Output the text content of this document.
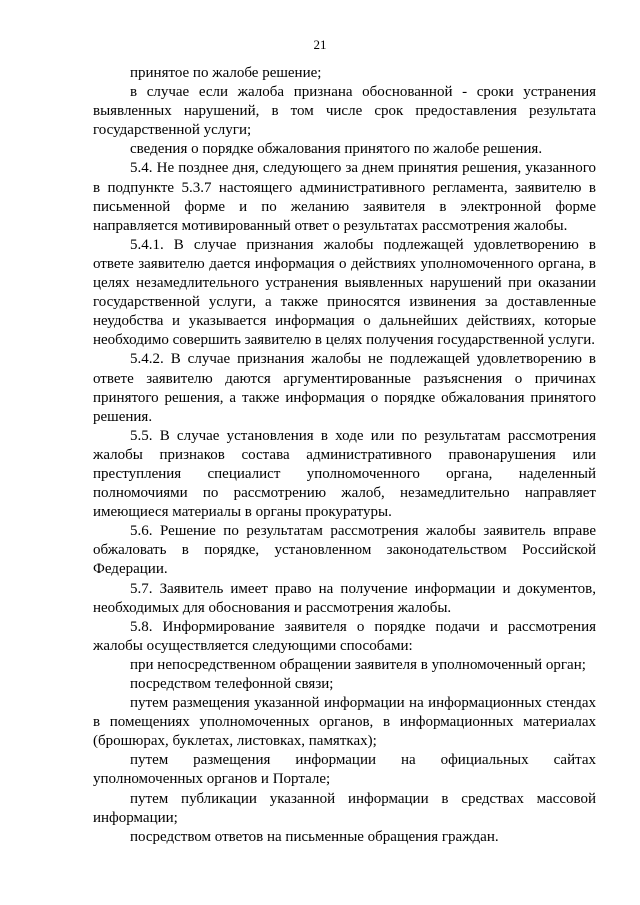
21

принятое по жалобе решение;

в случае если жалоба признана обоснованной - сроки устранения выявленных нарушений, в том числе срок предоставления результата государственной услуги;

сведения о порядке обжалования принятого по жалобе решения.

5.4. Не позднее дня, следующего за днем принятия решения, указанного в подпункте 5.3.7 настоящего административного регламента, заявителю в письменной форме и по желанию заявителя в электронной форме направляется мотивированный ответ о результатах рассмотрения жалобы.

5.4.1. В случае признания жалобы подлежащей удовлетворению в ответе заявителю дается информация о действиях уполномоченного органа, в целях незамедлительного устранения выявленных нарушений при оказании государственной услуги, а также приносятся извинения за доставленные неудобства и указывается информация о дальнейших действиях, которые необходимо совершить заявителю в целях получения государственной услуги.

5.4.2. В случае признания жалобы не подлежащей удовлетворению в ответе заявителю даются аргументированные разъяснения о причинах принятого решения, а также информация о порядке обжалования принятого решения.

5.5. В случае установления в ходе или по результатам рассмотрения жалобы признаков состава административного правонарушения или преступления специалист уполномоченного органа, наделенный полномочиями по рассмотрению жалоб, незамедлительно направляет имеющиеся материалы в органы прокуратуры.

5.6. Решение по результатам рассмотрения жалобы заявитель вправе обжаловать в порядке, установленном законодательством Российской Федерации.

5.7. Заявитель имеет право на получение информации и документов, необходимых для обоснования и рассмотрения жалобы.

5.8. Информирование заявителя о порядке подачи и рассмотрения жалобы осуществляется следующими способами:

при непосредственном обращении заявителя в уполномоченный орган;

посредством телефонной связи;

путем размещения указанной информации на информационных стендах в помещениях уполномоченных органов, в информационных материалах (брошюрах, буклетах, листовках, памятках);

путем размещения информации на официальных сайтах уполномоченных органов и Портале;

путем публикации указанной информации в средствах массовой информации;

посредством ответов на письменные обращения граждан.
